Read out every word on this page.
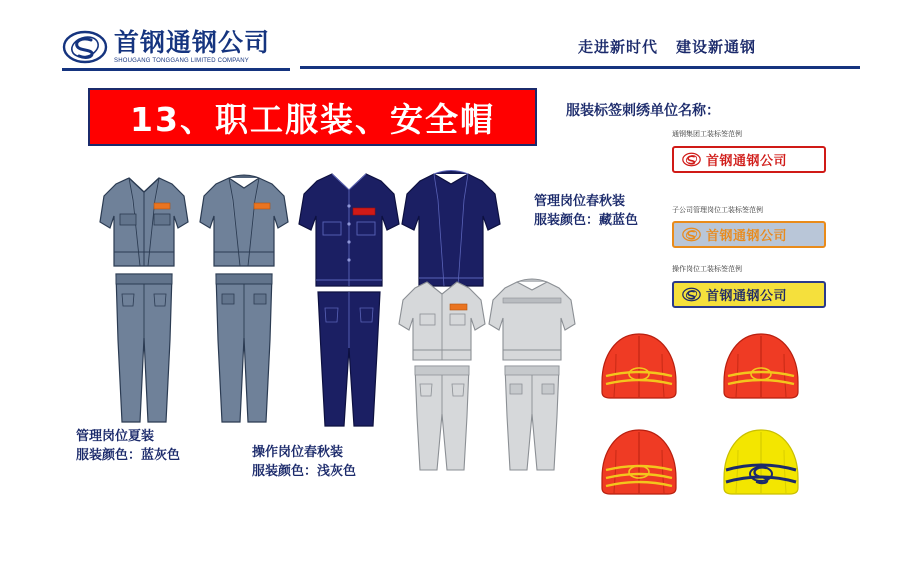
首钢通钢公司
SHOUGANG TONGGANG LIMITED COMPANY
走进新时代 建设新通钢
13、职工服装、安全帽	服装标签刺绣单位名称：
通钢集团工装标签范例
首钢通钢公司
子公司管理岗位工装标签范例
首钢通钢公司
操作岗位工装标签范例
首钢通钢公司
管理岗位春秋装
服装颜色：藏蓝色
管理岗位夏装
服装颜色：蓝灰色	操作岗位春秋装
服装颜色：浅灰色
